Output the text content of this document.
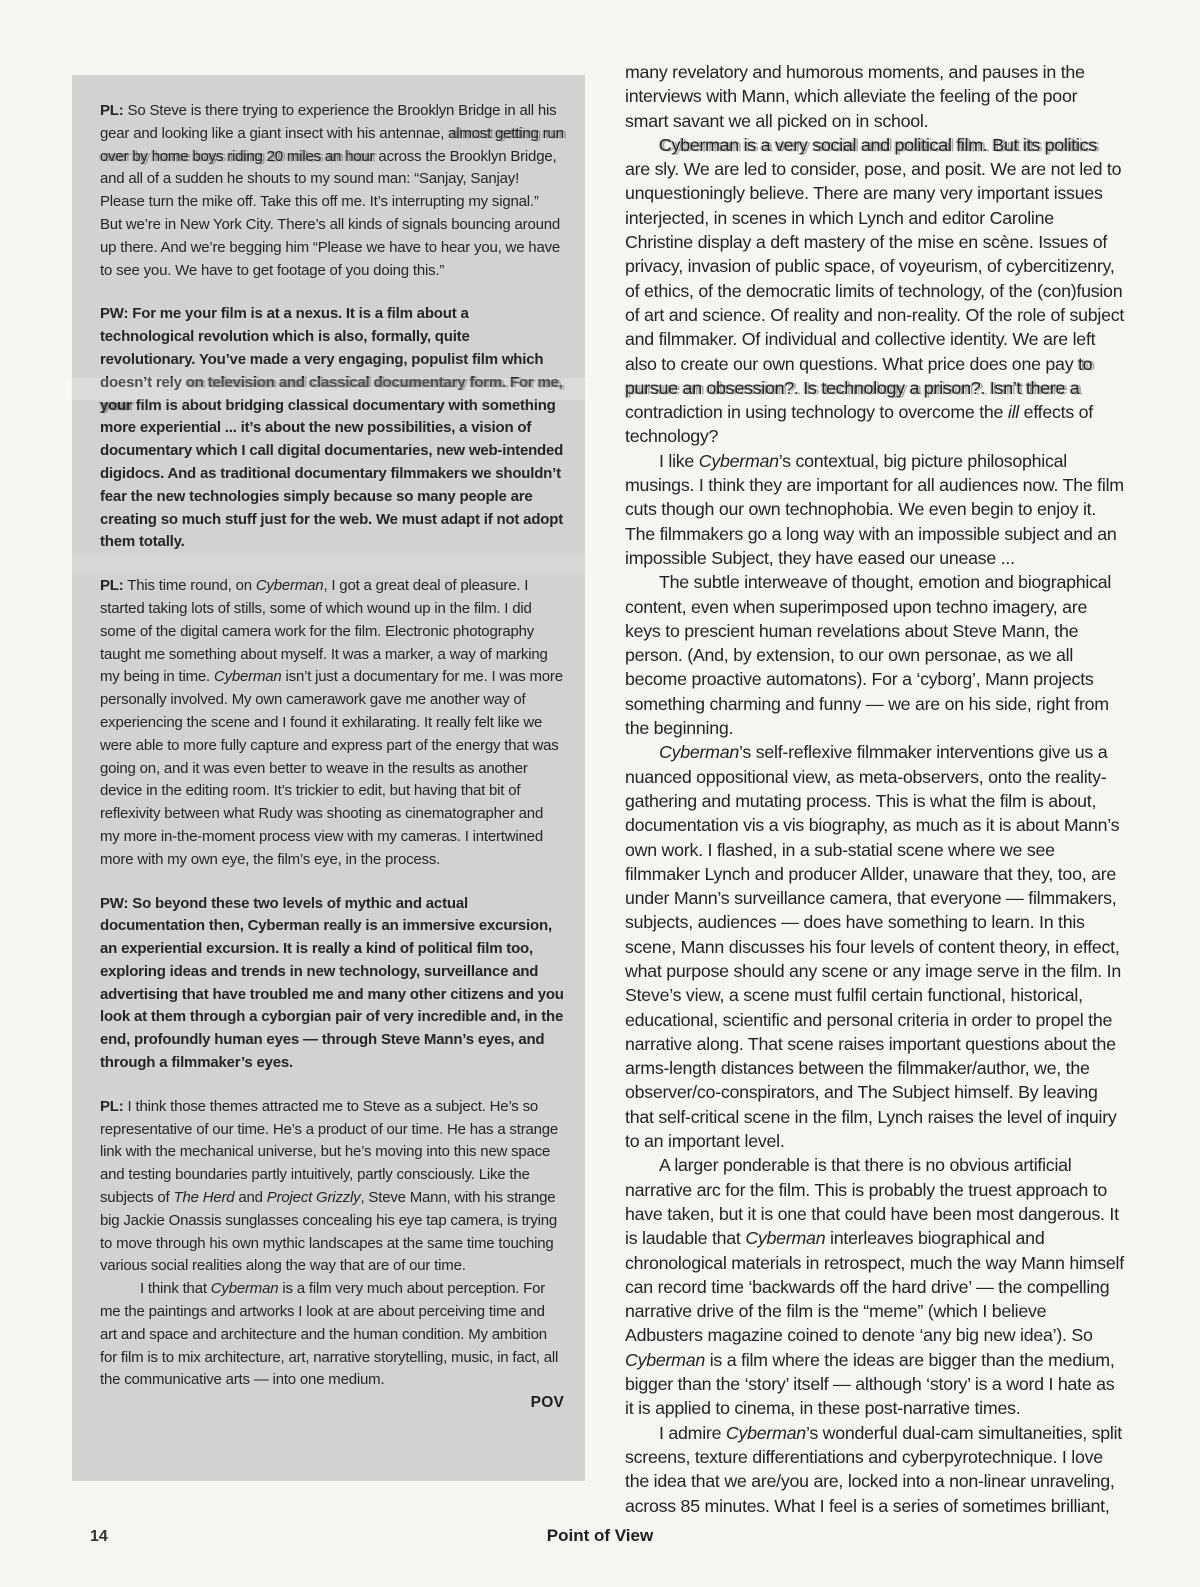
PL: So Steve is there trying to experience the Brooklyn Bridge in all his gear and looking like a giant insect with his antennae, almost getting run over by home boys riding 20 miles an hour across the Brooklyn Bridge, and all of a sudden he shouts to my sound man: “Sanjay, Sanjay! Please turn the mike off. Take this off me. It’s interrupting my signal.” But we’re in New York City. There’s all kinds of signals bouncing around up there. And we’re begging him “Please we have to hear you, we have to see you. We have to get footage of you doing this.”
PW: For me your film is at a nexus. It is a film about a technological revolution which is also, formally, quite revolutionary. You’ve made a very engaging, populist film which doesn’t rely on television and classical documentary form. For me, your film is about bridging classical documentary with something more experiential ... it’s about the new possibilities, a vision of documentary which I call digital documentaries, new web-intended digidocs. And as traditional documentary filmmakers we shouldn’t fear the new technologies simply because so many people are creating so much stuff just for the web. We must adapt if not adopt them totally.
PL: This time round, on Cyberman, I got a great deal of pleasure. I started taking lots of stills, some of which wound up in the film. I did some of the digital camera work for the film. Electronic photography taught me something about myself. It was a marker, a way of marking my being in time. Cyberman isn’t just a documentary for me. I was more personally involved. My own camerawork gave me another way of experiencing the scene and I found it exhilarating. It really felt like we were able to more fully capture and express part of the energy that was going on, and it was even better to weave in the results as another device in the editing room. It’s trickier to edit, but having that bit of reflexivity between what Rudy was shooting as cinematographer and my more in-the-moment process view with my cameras. I intertwined more with my own eye, the film’s eye, in the process.
PW: So beyond these two levels of mythic and actual documentation then, Cyberman really is an immersive excursion, an experiential excursion. It is really a kind of political film too, exploring ideas and trends in new technology, surveillance and advertising that have troubled me and many other citizens and you look at them through a cyborgian pair of very incredible and, in the end, profoundly human eyes — through Steve Mann’s eyes, and through a filmmaker’s eyes.
PL: I think those themes attracted me to Steve as a subject. He’s so representative of our time. He’s a product of our time. He has a strange link with the mechanical universe, but he’s moving into this new space and testing boundaries partly intuitively, partly consciously. Like the subjects of The Herd and Project Grizzly, Steve Mann, with his strange big Jackie Onassis sunglasses concealing his eye tap camera, is trying to move through his own mythic landscapes at the same time touching various social realities along the way that are of our time.
I think that Cyberman is a film very much about perception. For me the paintings and artworks I look at are about perceiving time and art and space and architecture and the human condition. My ambition for film is to mix architecture, art, narrative storytelling, music, in fact, all the communicative arts — into one medium.
POV
many revelatory and humorous moments, and pauses in the interviews with Mann, which alleviate the feeling of the poor smart savant we all picked on in school.
Cyberman is a very social and political film. But its politics are sly. We are led to consider, pose, and posit. We are not led to unquestioningly believe. There are many very important issues interjected, in scenes in which Lynch and editor Caroline Christine display a deft mastery of the mise en scène. Issues of privacy, invasion of public space, of voyeurism, of cybercitizenry, of ethics, of the democratic limits of technology, of the (con)fusion of art and science. Of reality and non-reality. Of the role of subject and filmmaker. Of individual and collective identity. We are left also to create our own questions. What price does one pay to pursue an obsession?. Is technology a prison?. Isn’t there a contradiction in using technology to overcome the ill effects of technology?
I like Cyberman’s contextual, big picture philosophical musings. I think they are important for all audiences now. The film cuts though our own technophobia. We even begin to enjoy it. The filmmakers go a long way with an impossible subject and an impossible Subject, they have eased our unease ...
The subtle interweave of thought, emotion and biographical content, even when superimposed upon techno imagery, are keys to prescient human revelations about Steve Mann, the person. (And, by extension, to our own personae, as we all become proactive automatons). For a ‘cyborg’, Mann projects something charming and funny — we are on his side, right from the beginning.
Cyberman’s self-reflexive filmmaker interventions give us a nuanced oppositional view, as meta-observers, onto the reality-gathering and mutating process. This is what the film is about, documentation vis a vis biography, as much as it is about Mann’s own work. I flashed, in a sub-statial scene where we see filmmaker Lynch and producer Allder, unaware that they, too, are under Mann’s surveillance camera, that everyone — filmmakers, subjects, audiences — does have something to learn. In this scene, Mann discusses his four levels of content theory, in effect, what purpose should any scene or any image serve in the film. In Steve’s view, a scene must fulfil certain functional, historical, educational, scientific and personal criteria in order to propel the narrative along. That scene raises important questions about the arms-length distances between the filmmaker/author, we, the observer/co-conspirators, and The Subject himself. By leaving that self-critical scene in the film, Lynch raises the level of inquiry to an important level.
A larger ponderable is that there is no obvious artificial narrative arc for the film. This is probably the truest approach to have taken, but it is one that could have been most dangerous. It is laudable that Cyberman interleaves biographical and chronological materials in retrospect, much the way Mann himself can record time ‘backwards off the hard drive’ — the compelling narrative drive of the film is the “meme” (which I believe Adbusters magazine coined to denote ‘any big new idea’). So Cyberman is a film where the ideas are bigger than the medium, bigger than the ‘story’ itself — although ‘story’ is a word I hate as it is applied to cinema, in these post-narrative times.
I admire Cyberman’s wonderful dual-cam simultaneities, split screens, texture differentiations and cyberpyrotechnique. I love the idea that we are/you are, locked into a non-linear unraveling, across 85 minutes. What I feel is a series of sometimes brilliant,
14	Point of View
